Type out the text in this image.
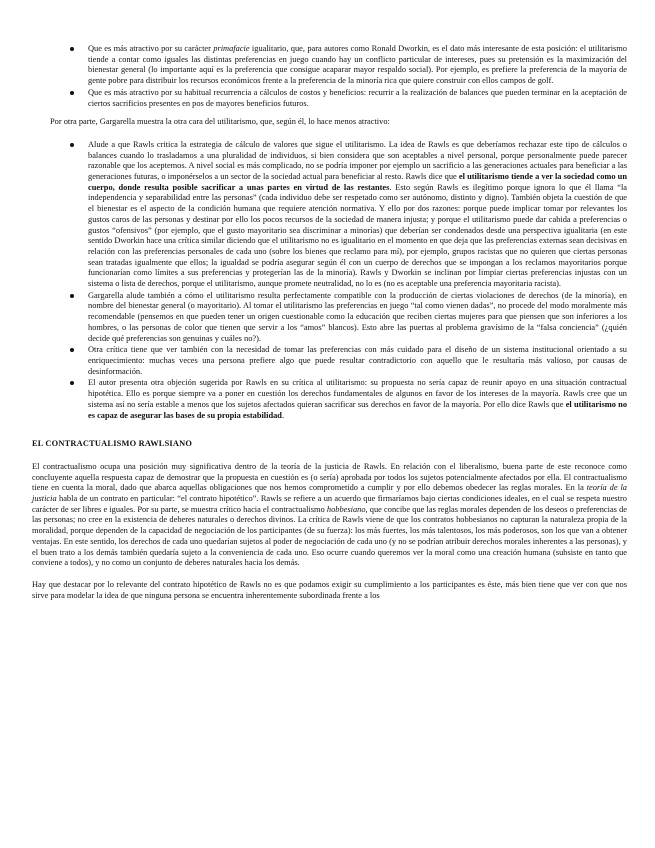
Que es más atractivo por su carácter primafacie igualitario, que, para autores como Ronald Dworkin, es el dato más interesante de esta posición: el utilitarismo tiende a contar como iguales las distintas preferencias en juego cuando hay un conflicto particular de intereses, pues su pretensión es la maximización del bienestar general (lo importante aquí es la preferencia que consigue acaparar mayor respaldo social). Por ejemplo, es prefiere la preferencia de la mayoría de gente pobre para distribuir los recursos económicos frente a la preferencia de la minoría rica que quiere construir con ellos campos de golf.
Que es más atractivo por su habitual recurrencia a cálculos de costos y beneficios: recurrir a la realización de balances que pueden terminar en la aceptación de ciertos sacrificios presentes en pos de mayores beneficios futuros.

Por otra parte, Gargarella muestra la otra cara del utilitarismo, que, según él, lo hace menos atractivo:

Alude a que Rawls critica la estrategia de cálculo de valores que sigue el utilitarismo. La idea de Rawls es que deberíamos rechazar este tipo de cálculos o balances cuando lo trasladamos a una pluralidad de individuos, si bien considera que son aceptables a nivel personal, porque personalmente puede parecer razonable que los aceptemos. A nivel social es más complicado, no se podría imponer por ejemplo un sacrificio a las generaciones actuales para beneficiar a las generaciones futuras, o imponérselos a un sector de la sociedad actual para beneficiar al resto. Rawls dice que el utilitarismo tiende a ver la sociedad como un cuerpo, donde resulta posible sacrificar a unas partes en virtud de las restantes. Esto según Rawls es ilegítimo porque ignora lo que él llama “la independencia y separabilidad entre las personas” (cada individuo debe ser respetado como ser autónomo, distinto y digno). También objeta la cuestión de que el bienestar es el aspecto de la condición humana que requiere atención normativa. Y ello por dos razones: porque puede implicar tomar por relevantes los gustos caros de las personas y destinar por ello los pocos recursos de la sociedad de manera injusta; y porque el utilitarismo puede dar cabida a preferencias o gustos “ofensivos” (por ejemplo, que el gusto mayoritario sea discriminar a minorías) que deberían ser condenados desde una perspectiva igualitaria (en este sentido Dworkin hace una crítica similar diciendo que el utilitarismo no es igualitario en el momento en que deja que las preferencias externas sean decisivas en relación con las preferencias personales de cada uno (sobre los bienes que reclamo para mí), por ejemplo, grupos racistas que no quieren que ciertas personas sean tratadas igualmente que ellos; la igualdad se podría asegurar según él con un cuerpo de derechos que se impongan a los reclamos mayoritarios porque funcionarían como límites a sus preferencias y protegerían las de la minoría). Rawls y Dworkin se inclinan por limpiar ciertas preferencias injustas con un sistema o lista de derechos, porque el utilitarismo, aunque promete neutralidad, no lo es (no es aceptable una preferencia mayoritaria racista).
Gargarella alude también a cómo el utilitarismo resulta perfectamente compatible con la producción de ciertas violaciones de derechos (de la minoría), en nombre del bienestar general (o mayoritario). Al tomar el utilitarismo las preferencias en juego “tal como vienen dadas”, no procede del modo moralmente más recomendable (pensemos en que pueden tener un origen cuestionable como la educación que reciben ciertas mujeres para que piensen que son inferiores a los hombres, o las personas de color que tienen que servir a los “amos” blancos). Esto abre las puertas al problema gravísimo de la “falsa conciencia” (¿quién decide qué preferencias son genuinas y cuáles no?).
Otra crítica tiene que ver también con la necesidad de tomar las preferencias con más cuidado para el diseño de un sistema institucional orientado a su enriquecimiento: muchas veces una persona prefiere algo que puede resultar contradictorio con aquello que le resultaría más valioso, por causas de desinformación.
El autor presenta otra objeción sugerida por Rawls en su crítica al utilitarismo: su propuesta no sería capaz de reunir apoyo en una situación contractual hipotética. Ello es porque siempre va a poner en cuestión los derechos fundamentales de algunos en favor de los intereses de la mayoría. Rawls cree que un sistema así no sería estable a menos que los sujetos afectados quieran sacrificar sus derechos en favor de la mayoría. Por ello dice Rawls que el utilitarismo no es capaz de asegurar las bases de su propia estabilidad.
EL CONTRACTUALISMO RAWLSIANO

El contractualismo ocupa una posición muy significativa dentro de la teoría de la justicia de Rawls. En relación con el liberalismo, buena parte de este reconoce como concluyente aquella respuesta capaz de demostrar que la propuesta en cuestión es (o sería) aprobada por todos los sujetos potencialmente afectados por ella. El contractualismo tiene en cuenta la moral, dado que abarca aquellas obligaciones que nos hemos comprometido a cumplir y por ello debemos obedecer las reglas morales. En la teoría de la justicia habla de un contrato en particular: “el contrato hipotético”. Rawls se refiere a un acuerdo que firmaríamos bajo ciertas condiciones ideales, en el cual se respeta nuestro carácter de ser libres e iguales. Por su parte, se muestra crítico hacia el contractualismo hobbesiano, que concibe que las reglas morales dependen de los deseos o preferencias de las personas; no cree en la existencia de deberes naturales o derechos divinos. La crítica de Rawls viene de que los contratos hobbesianos no capturan la naturaleza propia de la moralidad, porque dependen de la capacidad de negociación de los participantes (de su fuerza): los más fuertes, los más talentosos, los más poderosos, son los que van a obtener ventajas. En este sentido, los derechos de cada uno quedarían sujetos al poder de negociación de cada uno (y no se podrían atribuir derechos morales inherentes a las personas), y el buen trato a los demás también quedaría sujeto a la conveniencia de cada uno. Eso ocurre cuando queremos ver la moral como una creación humana (subsiste en tanto que conviene a todos), y no como un conjunto de deberes naturales hacia los demás.

Hay que destacar por lo relevante del contrato hipotético de Rawls no es que podamos exigir su cumplimiento a los participantes es éste, más bien tiene que ver con que nos sirve para modelar la idea de que ninguna persona se encuentra inherentemente subordinada frente a los
